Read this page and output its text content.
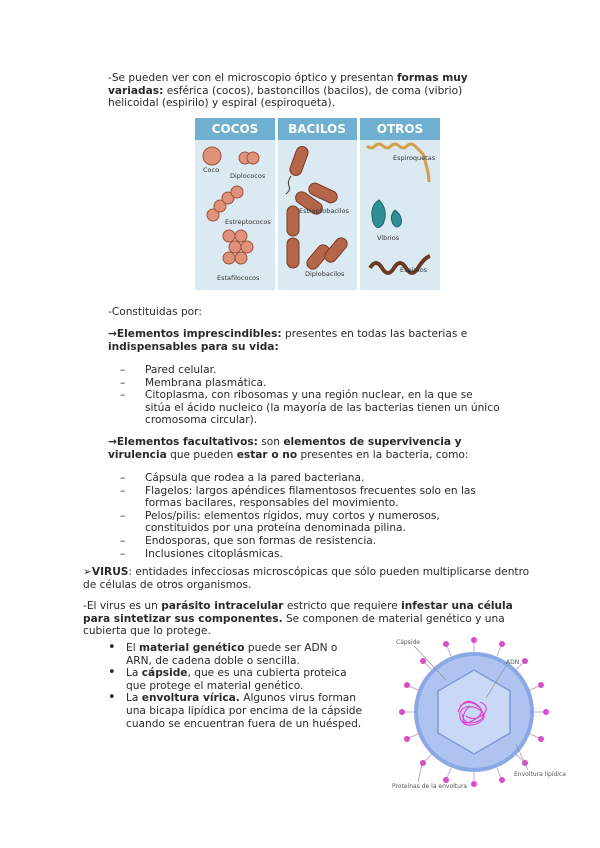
-Se pueden ver con el microscopio óptico y presentan formas muy variadas: esférica (cocos), bastoncillos (bacilos), de coma (vibrio) helicoidal (espirilo) y espiral (espiroqueta).
COCOS BACILOS	OTROS
Coco
Diplococos
Estreptococos
Estafilococos
Estreptobacilos
Diplobacilos
Espiroquetas
Vibrios
Espirilos
-Constituidas por:
→Elementos imprescindibles: presentes en todas las bacterias e indispensables para su vida:
– Pared celular.
– Membrana plasmática.
– Citoplasma, con ribosomas y una región nuclear, en la que se sitúa el ácido nucleico (la mayoría de las bacterias tienen un único cromosoma circular).
→Elementos facultativos: son elementos de supervivencia y virulencia que pueden estar o no presentes en la bacteria, como:
– Cápsula que rodea a la pared bacteriana.
– Flagelos: largos apéndices filamentosos frecuentes solo en las formas bacilares, responsables del movimiento.
– Pelos/pilis: elementos rígidos, muy cortos y numerosos, constituidos por una proteína denominada pilina.
– Endosporas, que son formas de resistencia.
– Inclusiones citoplásmicas.
➢VIRUS: entidades infecciosas microscópicas que sólo pueden multiplicarse dentro de células de otros organismos.
-El virus es un parásito intracelular estricto que requiere infestar una célula para sintetizar sus componentes. Se componen de material genético y una cubierta que lo protege.
• El material genético puede ser ADN o ARN, de cadena doble o sencilla.
• La cápside, que es una cubierta proteica que protege el material genético.
• La envoltura vírica. Algunos virus forman una bicapa lipídica por encima de la cápside cuando se encuentran fuera de un huésped.
Cápside
ADN
Envoltura lipídica
Proteínas de la envoltura
